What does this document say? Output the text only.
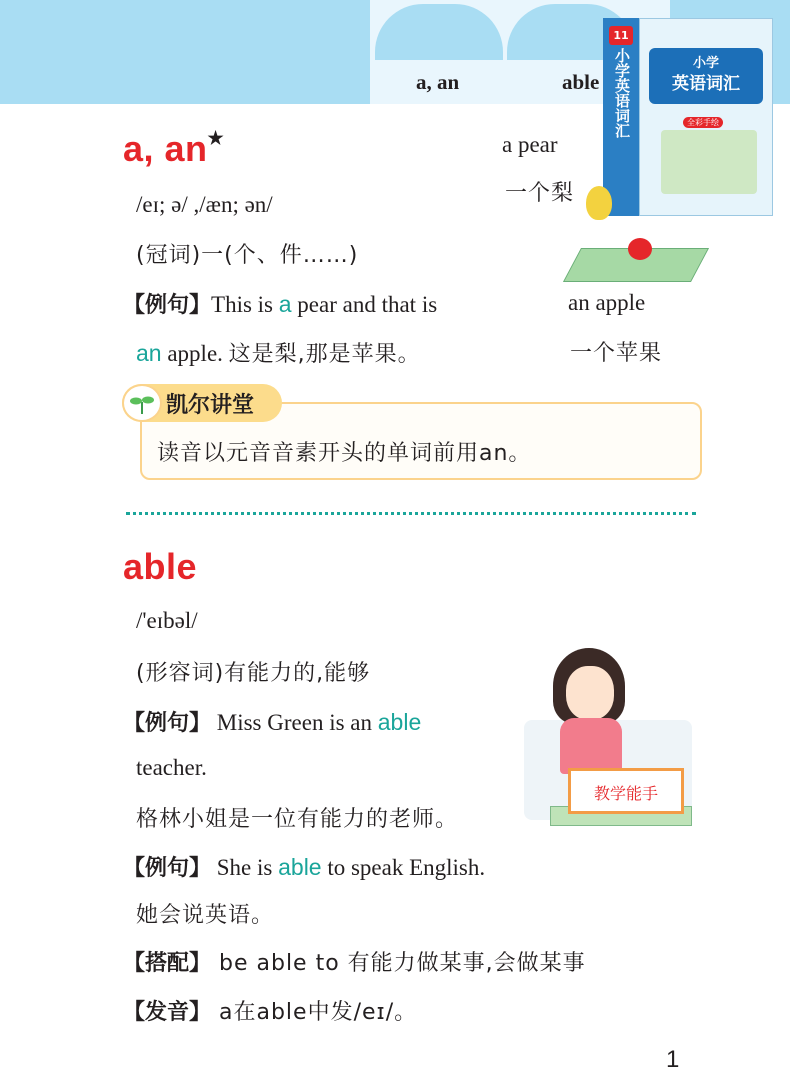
a, an	able
11
小学英语词汇	小学
英语词汇
全彩手绘
a, an★
/eɪ; ə/ ,/æn; ən/
(冠词)一(个、件……)
【例句】This is a pear and that is
an apple. 这是梨,那是苹果。
a pear
一个梨
an apple
一个苹果
凯尔讲堂
读音以元音音素开头的单词前用an。
able
/'eɪbəl/
(形容词)有能力的,能够
【例句】 Miss Green is an able
teacher.
格林小姐是一位有能力的老师。
【例句】 She is able to speak English.
她会说英语。
【搭配】 be able to 有能力做某事,会做某事
【发音】 a在able中发/eɪ/。
教学能手
1
